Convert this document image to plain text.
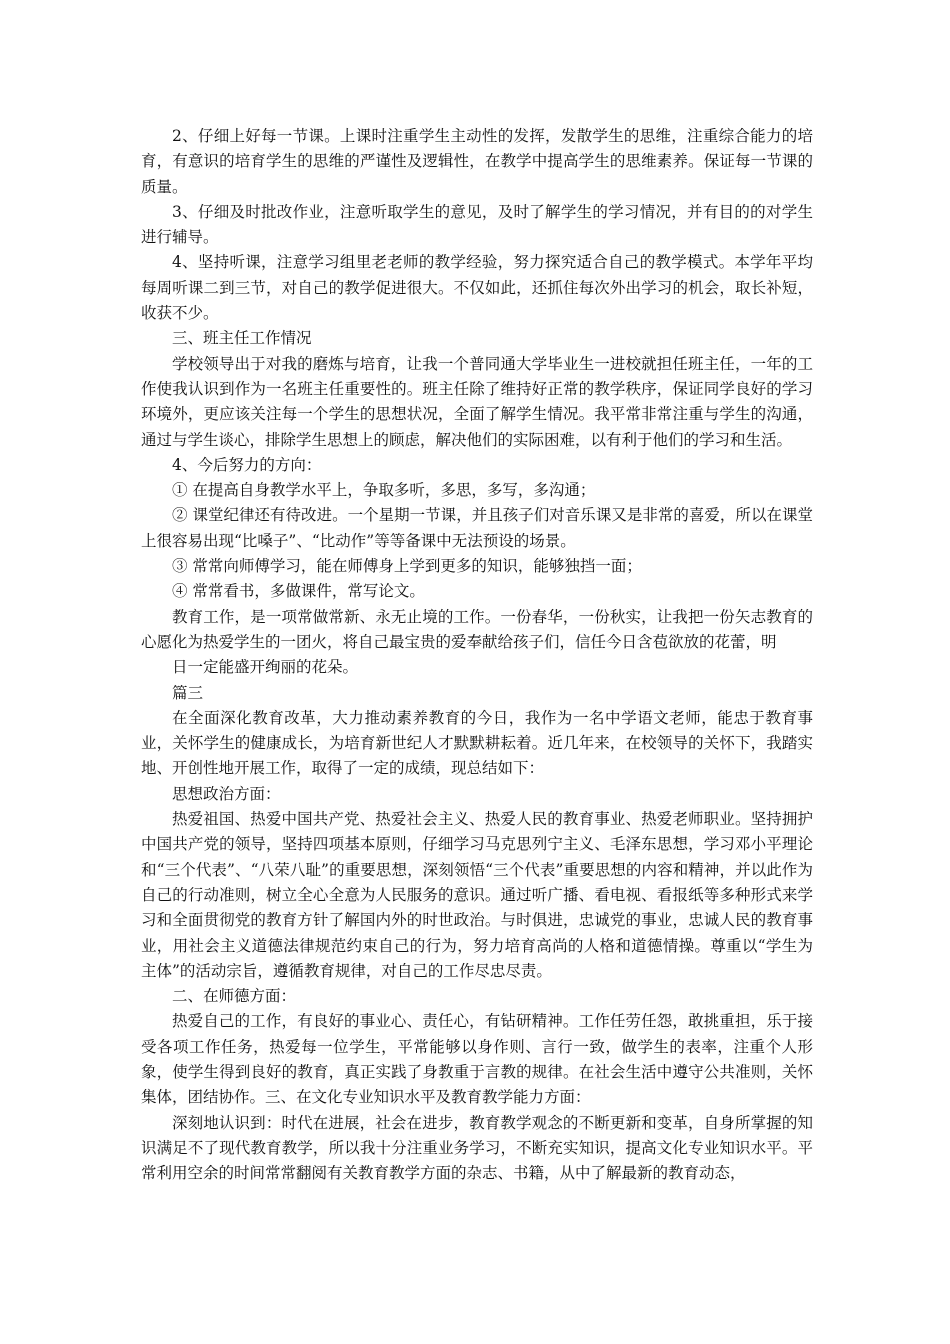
2、仔细上好每一节课。上课时注重学生主动性的发挥，发散学生的思维，注重综合能力的培育，有意识的培育学生的思维的严谨性及逻辑性，在教学中提高学生的思维素养。保证每一节课的质量。

3、仔细及时批改作业，注意听取学生的意见，及时了解学生的学习情况，并有目的的对学生进行辅导。

4、坚持听课，注意学习组里老老师的教学经验，努力探究适合自己的教学模式。本学年平均每周听课二到三节，对自己的教学促进很大。不仅如此，还抓住每次外出学习的机会，取长补短，收获不少。

三、班主任工作情况

学校领导出于对我的磨炼与培育，让我一个普同通大学毕业生一进校就担任班主任，一年的工作使我认识到作为一名班主任重要性的。班主任除了维持好正常的教学秩序，保证同学良好的学习环境外，更应该关注每一个学生的思想状况，全面了解学生情况。我平常非常注重与学生的沟通，通过与学生谈心，排除学生思想上的顾虑，解决他们的实际困难，以有利于他们的学习和生活。

4、今后努力的方向：

① 在提高自身教学水平上，争取多听，多思，多写，多沟通；

② 课堂纪律还有待改进。一个星期一节课，并且孩子们对音乐课又是非常的喜爱，所以在课堂上很容易出现“比嗓子”、“比动作”等等备课中无法预设的场景。

③ 常常向师傅学习，能在师傅身上学到更多的知识，能够独挡一面；

④ 常常看书，多做课件，常写论文。

教育工作，是一项常做常新、永无止境的工作。一份春华，一份秋实，让我把一份矢志教育的心愿化为热爱学生的一团火，将自己最宝贵的爱奉献给孩子们，信任今日含苞欲放的花蕾，明

日一定能盛开绚丽的花朵。

篇三

在全面深化教育改革，大力推动素养教育的今日，我作为一名中学语文老师，能忠于教育事业，关怀学生的健康成长，为培育新世纪人才默默耕耘着。近几年来，在校领导的关怀下，我踏实地、开创性地开展工作，取得了一定的成绩，现总结如下：

思想政治方面：

热爱祖国、热爱中国共产党、热爱社会主义、热爱人民的教育事业、热爱老师职业。坚持拥护中国共产党的领导，坚持四项基本原则，仔细学习马克思列宁主义、毛泽东思想，学习邓小平理论和“三个代表”、“八荣八耻”的重要思想，深刻领悟“三个代表”重要思想的内容和精神，并以此作为自己的行动准则，树立全心全意为人民服务的意识。通过听广播、看电视、看报纸等多种形式来学习和全面贯彻党的教育方针了解国内外的时世政治。与时俱进，忠诚党的事业，忠诚人民的教育事业，用社会主义道德法律规范约束自己的行为，努力培育高尚的人格和道德情操。尊重以“学生为主体”的活动宗旨，遵循教育规律，对自己的工作尽忠尽责。

二、在师德方面：

热爱自己的工作，有良好的事业心、责任心，有钻研精神。工作任劳任怨，敢挑重担，乐于接受各项工作任务，热爱每一位学生，平常能够以身作则、言行一致，做学生的表率，注重个人形象，使学生得到良好的教育，真正实践了身教重于言教的规律。在社会生活中遵守公共准则，关怀集体，团结协作。三、在文化专业知识水平及教育教学能力方面：

深刻地认识到：时代在进展，社会在进步，教育教学观念的不断更新和变革，自身所掌握的知识满足不了现代教育教学，所以我十分注重业务学习，不断充实知识，提高文化专业知识水平。平常利用空余的时间常常翻阅有关教育教学方面的杂志、书籍，从中了解最新的教育动态，
